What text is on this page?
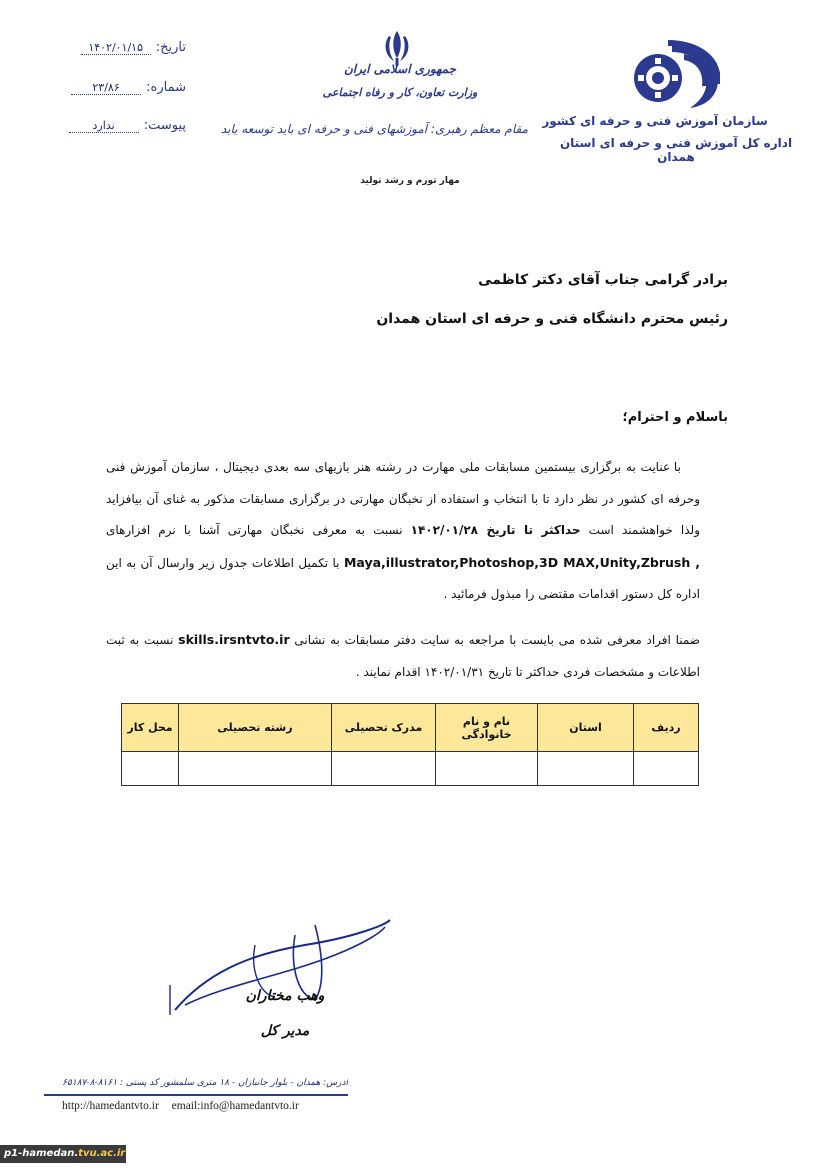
تاریخ: ۱۴۰۲/۰۱/۱۵
شماره: ۲۳/۸۶
پیوست: ندارد
جمهوری اسلامی ایران
وزارت تعاون، کار و رفاه اجتماعی
مقام معظم رهبری: آموزشهای فنی و حرفه ای باید توسعه یابد
مهار تورم و رشد تولید
سازمان آموزش فنی و حرفه ای کشور
اداره کل آموزش فنی و حرفه ای استان همدان
برادر گرامی جناب آقای دکتر کاظمی
رئیس محترم دانشگاه فنی و حرفه ای استان همدان
باسلام و احترام؛
با عنایت به برگزاری بیستمین مسابقات ملی مهارت در رشته هنر بازیهای سه بعدی دیجیتال ، سازمان آموزش فنی وحرفه ای کشور در نظر دارد تا با انتخاب و استفاده از نخبگان مهارتی در برگزاری مسابقات مذکور به غنای آن بیافزاید ولذا خواهشمند است حداکثر تا تاریخ ۱۴۰۲/۰۱/۲۸ نسبت به معرفی نخبگان مهارتی آشنا با نرم افزارهای Maya,illustrator,Photoshop,3D MAX,Unity,Zbrush , با تکمیل اطلاعات جدول زیر وارسال آن به این اداره کل دستور اقدامات مقتضی را مبذول فرمائید .
ضمنا افراد معرفی شده می بایست با مراجعه به سایت دفتر مسابقات به نشانی skills.irsntvto.ir نسبت به ثبت اطلاعات و مشخصات فردی حداکثر تا تاریخ ۱۴۰۲/۰۱/۳۱ اقدام نمایند .
ردیف	استان	نام و نام خانوادگی	مدرک تحصیلی	رشته تحصیلی	محل کار

وهب مختاران
مدیر کل
آدرس: همدان - بلوار جانبازان - ۱۸ متری سلمشور کد پستی : ۸۱۶۱-۸-۶۵۱۸۷
http://hamedantvto.ir email:info@hamedantvto.ir
p1-hamedan.tvu.ac.ir
